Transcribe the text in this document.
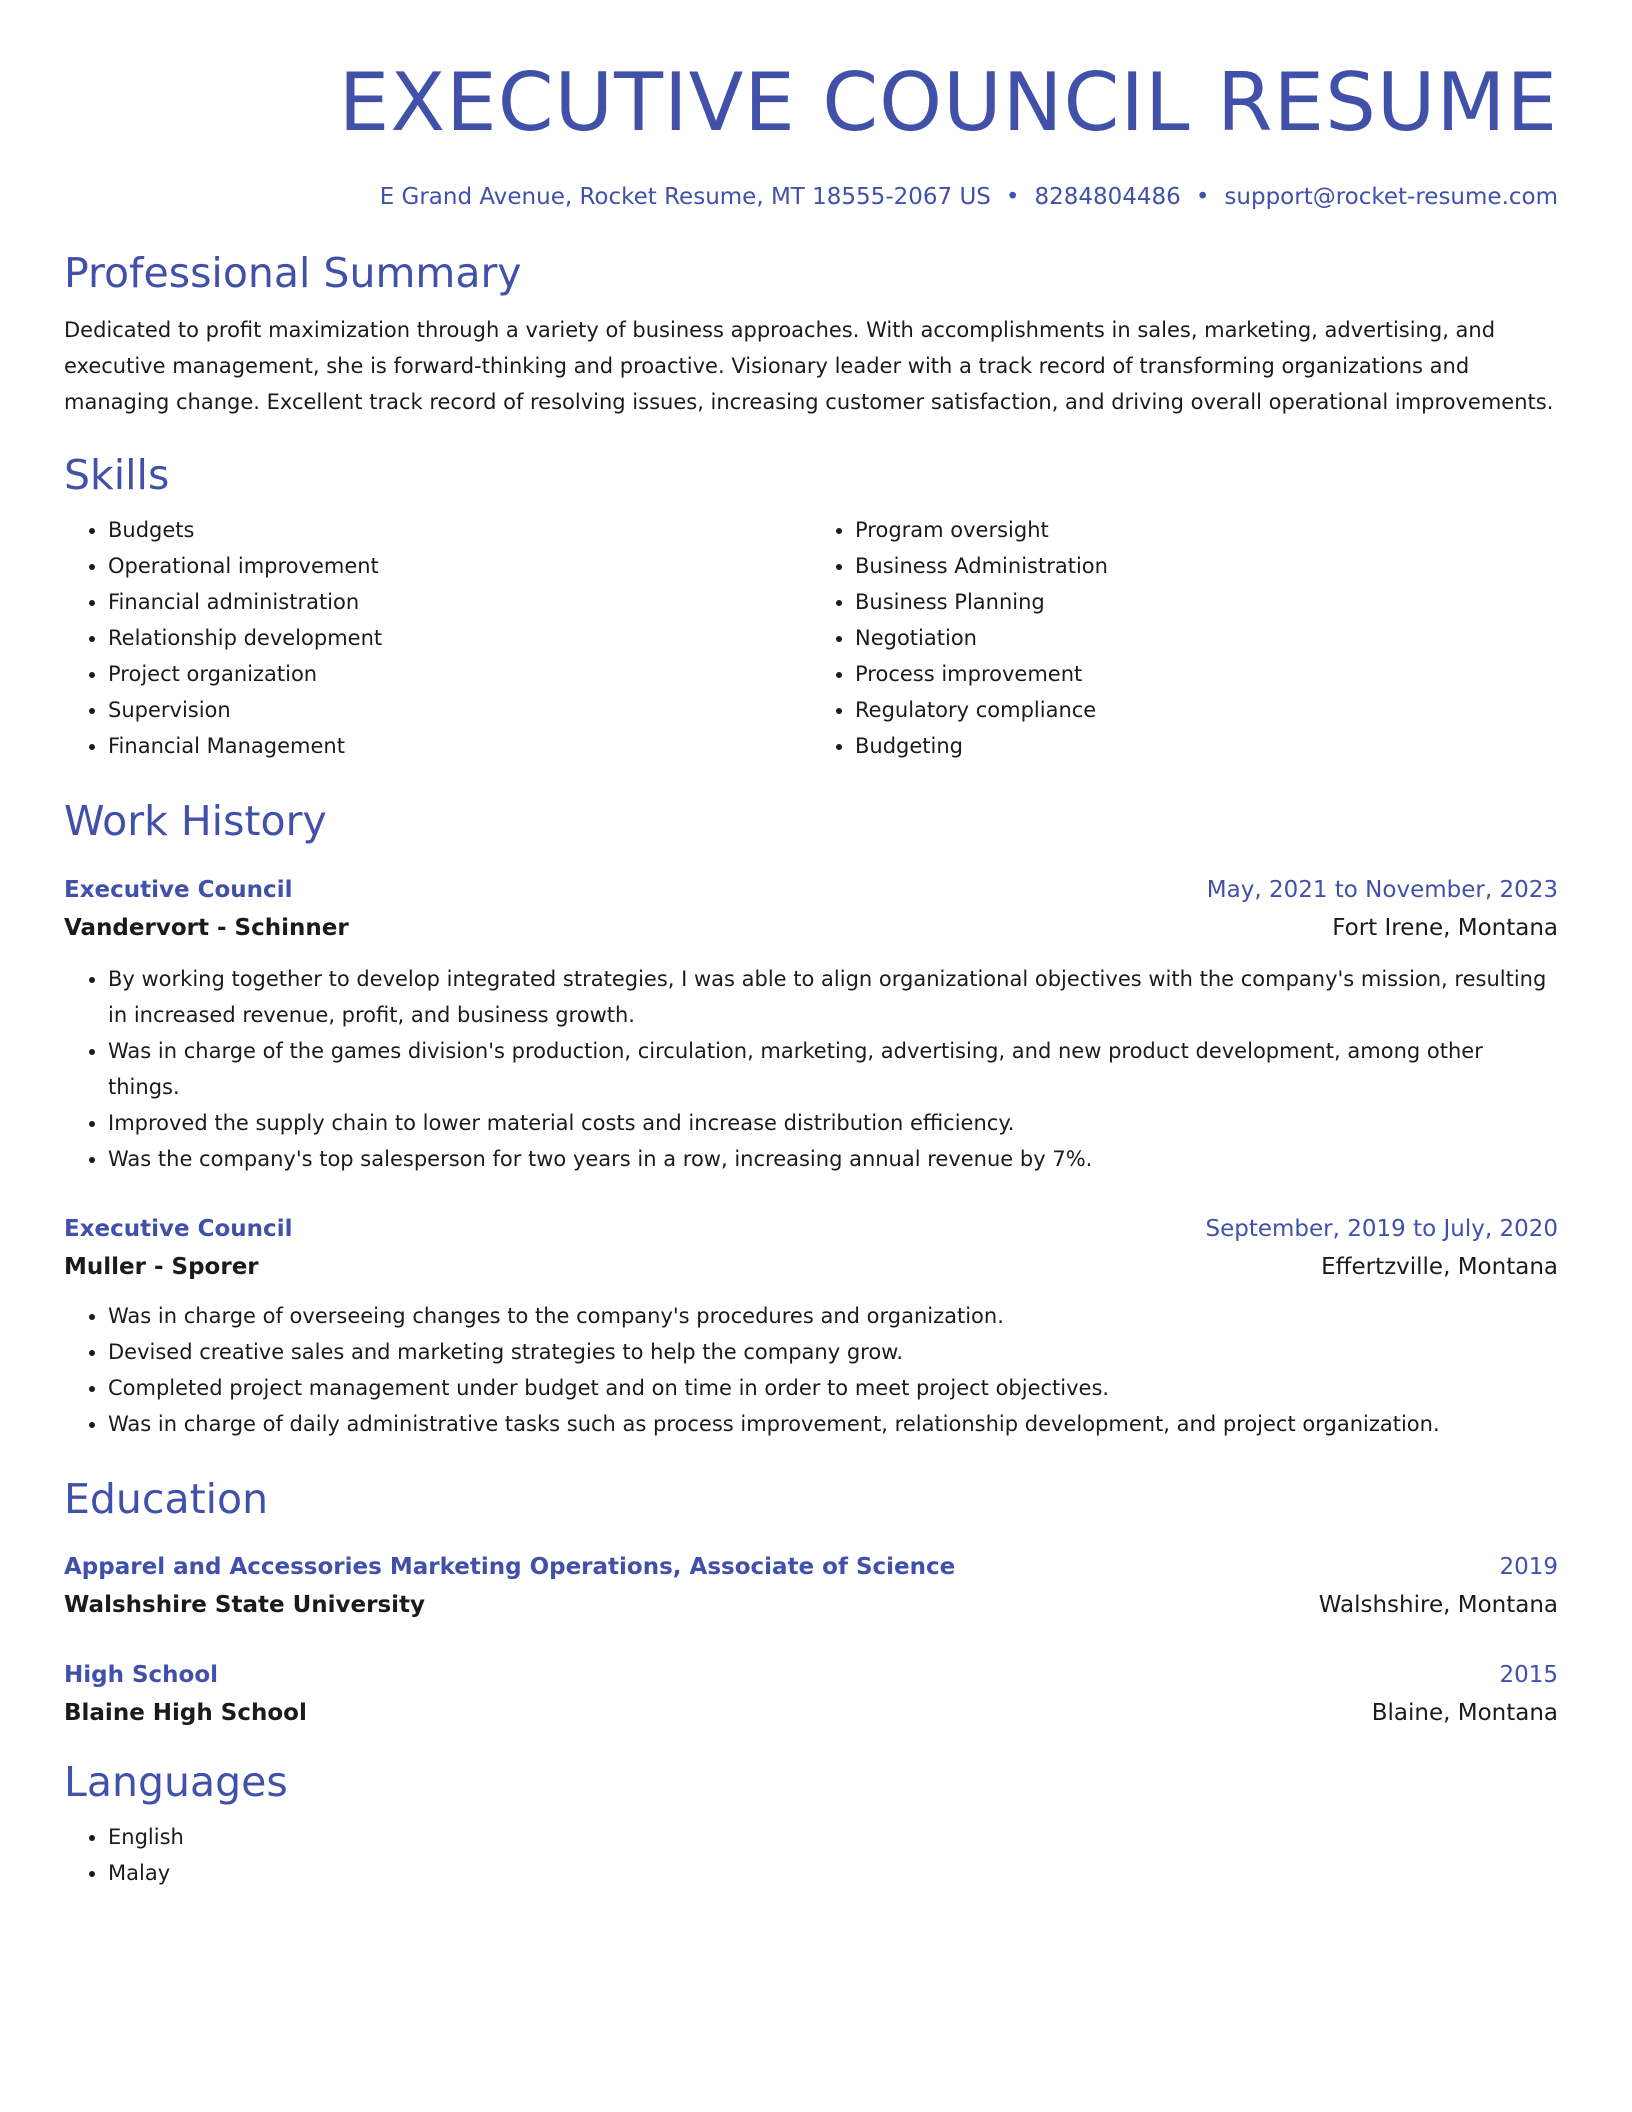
EXECUTIVE COUNCIL RESUME
E Grand Avenue, Rocket Resume, MT 18555-2067 US • 8284804486 • support@rocket-resume.com
Professional Summary

Dedicated to profit maximization through a variety of business approaches. With accomplishments in sales, marketing, advertising, and executive management, she is forward-thinking and proactive. Visionary leader with a track record of transforming organizations and managing change. Excellent track record of resolving issues, increasing customer satisfaction, and driving overall operational improvements.

Skills
• Budgets
• Operational improvement
• Financial administration
• Relationship development
• Project organization
• Supervision
• Financial Management
• Program oversight
• Business Administration
• Business Planning
• Negotiation
• Process improvement
• Regulatory compliance
• Budgeting
Work History
Executive Council	May, 2021 to November, 2023
Vandervort - Schinner	Fort Irene, Montana
• By working together to develop integrated strategies, I was able to align organizational objectives with the company's mission, resulting in increased revenue, profit, and business growth.
• Was in charge of the games division's production, circulation, marketing, advertising, and new product development, among other things.
• Improved the supply chain to lower material costs and increase distribution efficiency.
• Was the company's top salesperson for two years in a row, increasing annual revenue by 7%.
Executive Council	September, 2019 to July, 2020
Muller - Sporer	Effertzville, Montana
• Was in charge of overseeing changes to the company's procedures and organization.
• Devised creative sales and marketing strategies to help the company grow.
• Completed project management under budget and on time in order to meet project objectives.
• Was in charge of daily administrative tasks such as process improvement, relationship development, and project organization.
Education
Apparel and Accessories Marketing Operations, Associate of Science	2019
Walshshire State University	Walshshire, Montana
High School	2015
Blaine High School	Blaine, Montana
Languages
• English
• Malay
